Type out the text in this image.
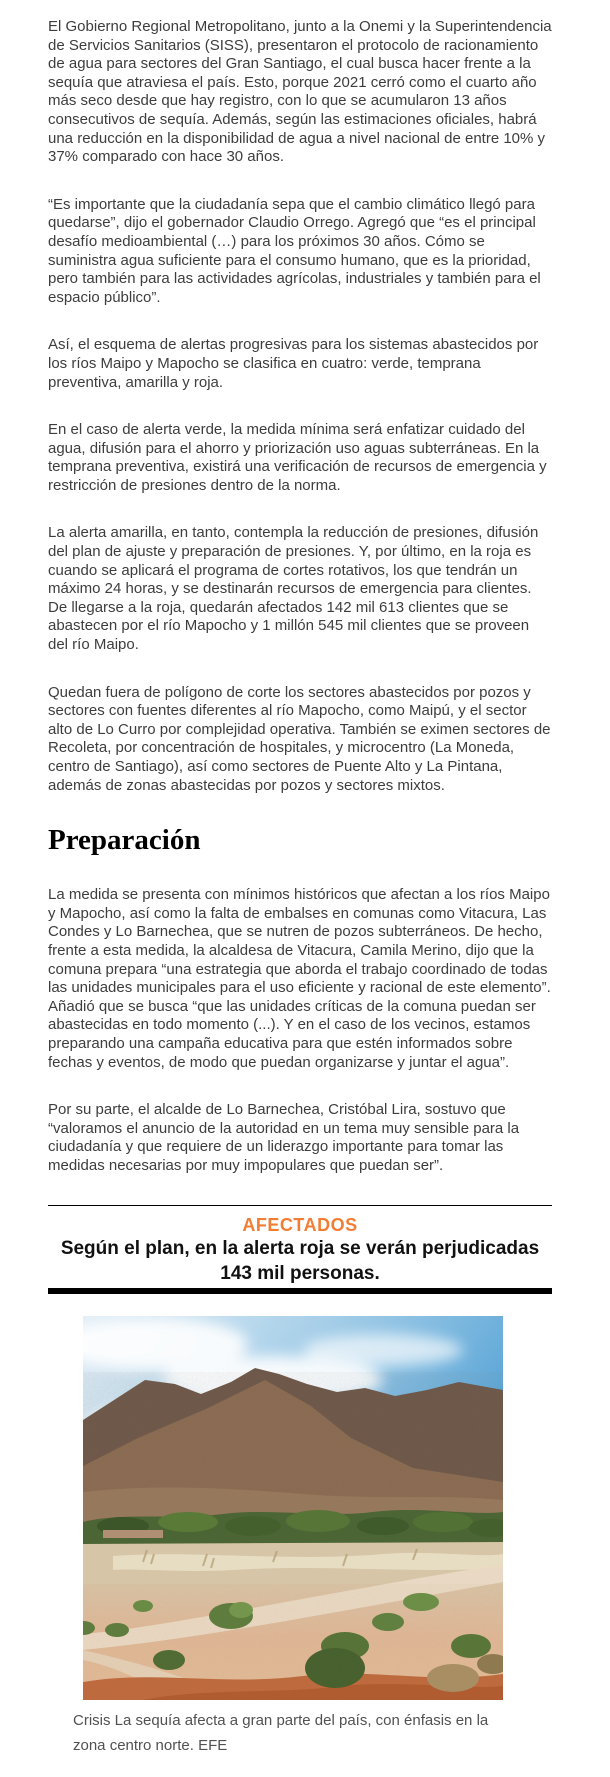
El Gobierno Regional Metropolitano, junto a la Onemi y la Superintendencia de Servicios Sanitarios (SISS), presentaron el protocolo de racionamiento de agua para sectores del Gran Santiago, el cual busca hacer frente a la sequía que atraviesa el país. Esto, porque 2021 cerró como el cuarto año más seco desde que hay registro, con lo que se acumularon 13 años consecutivos de sequía. Además, según las estimaciones oficiales, habrá una reducción en la disponibilidad de agua a nivel nacional de entre 10% y 37% comparado con hace 30 años.

“Es importante que la ciudadanía sepa que el cambio climático llegó para quedarse”, dijo el gobernador Claudio Orrego. Agregó que “es el principal desafío medioambiental (…) para los próximos 30 años. Cómo se suministra agua suficiente para el consumo humano, que es la prioridad, pero también para las actividades agrícolas, industriales y también para el espacio público”.

Así, el esquema de alertas progresivas para los sistemas abastecidos por los ríos Maipo y Mapocho se clasifica en cuatro: verde, temprana preventiva, amarilla y roja.

En el caso de alerta verde, la medida mínima será enfatizar cuidado del agua, difusión para el ahorro y priorización uso aguas subterráneas. En la temprana preventiva, existirá una verificación de recursos de emergencia y restricción de presiones dentro de la norma.

La alerta amarilla, en tanto, contempla la reducción de presiones, difusión del plan de ajuste y preparación de presiones. Y, por último, en la roja es cuando se aplicará el programa de cortes rotativos, los que tendrán un máximo 24 horas, y se destinarán recursos de emergencia para clientes. De llegarse a la roja, quedarán afectados 142 mil 613 clientes que se abastecen por el río Mapocho y 1 millón 545 mil clientes que se proveen del río Maipo.

Quedan fuera de polígono de corte los sectores abastecidos por pozos y sectores con fuentes diferentes al río Mapocho, como Maipú, y el sector alto de Lo Curro por complejidad operativa. También se eximen sectores de Recoleta, por concentración de hospitales, y microcentro (La Moneda, centro de Santiago), así como sectores de Puente Alto y La Pintana, además de zonas abastecidas por pozos y sectores mixtos.

Preparación

La medida se presenta con mínimos históricos que afectan a los ríos Maipo y Mapocho, así como la falta de embalses en comunas como Vitacura, Las Condes y Lo Barnechea, que se nutren de pozos subterráneos. De hecho, frente a esta medida, la alcaldesa de Vitacura, Camila Merino, dijo que la comuna prepara “una estrategia que aborda el trabajo coordinado de todas las unidades municipales para el uso eficiente y racional de este elemento”. Añadió que se busca “que las unidades críticas de la comuna puedan ser abastecidas en todo momento (...). Y en el caso de los vecinos, estamos preparando una campaña educativa para que estén informados sobre fechas y eventos, de modo que puedan organizarse y juntar el agua”.

Por su parte, el alcalde de Lo Barnechea, Cristóbal Lira, sostuvo que “valoramos el anuncio de la autoridad en un tema muy sensible para la ciudadanía y que requiere de un liderazgo importante para tomar las medidas necesarias por muy impopulares que puedan ser”.

AFECTADOS
Según el plan, en la alerta roja se verán perjudicadas 143 mil personas.
Crisis La sequía afecta a gran parte del país, con énfasis en la zona centro norte. EFE
